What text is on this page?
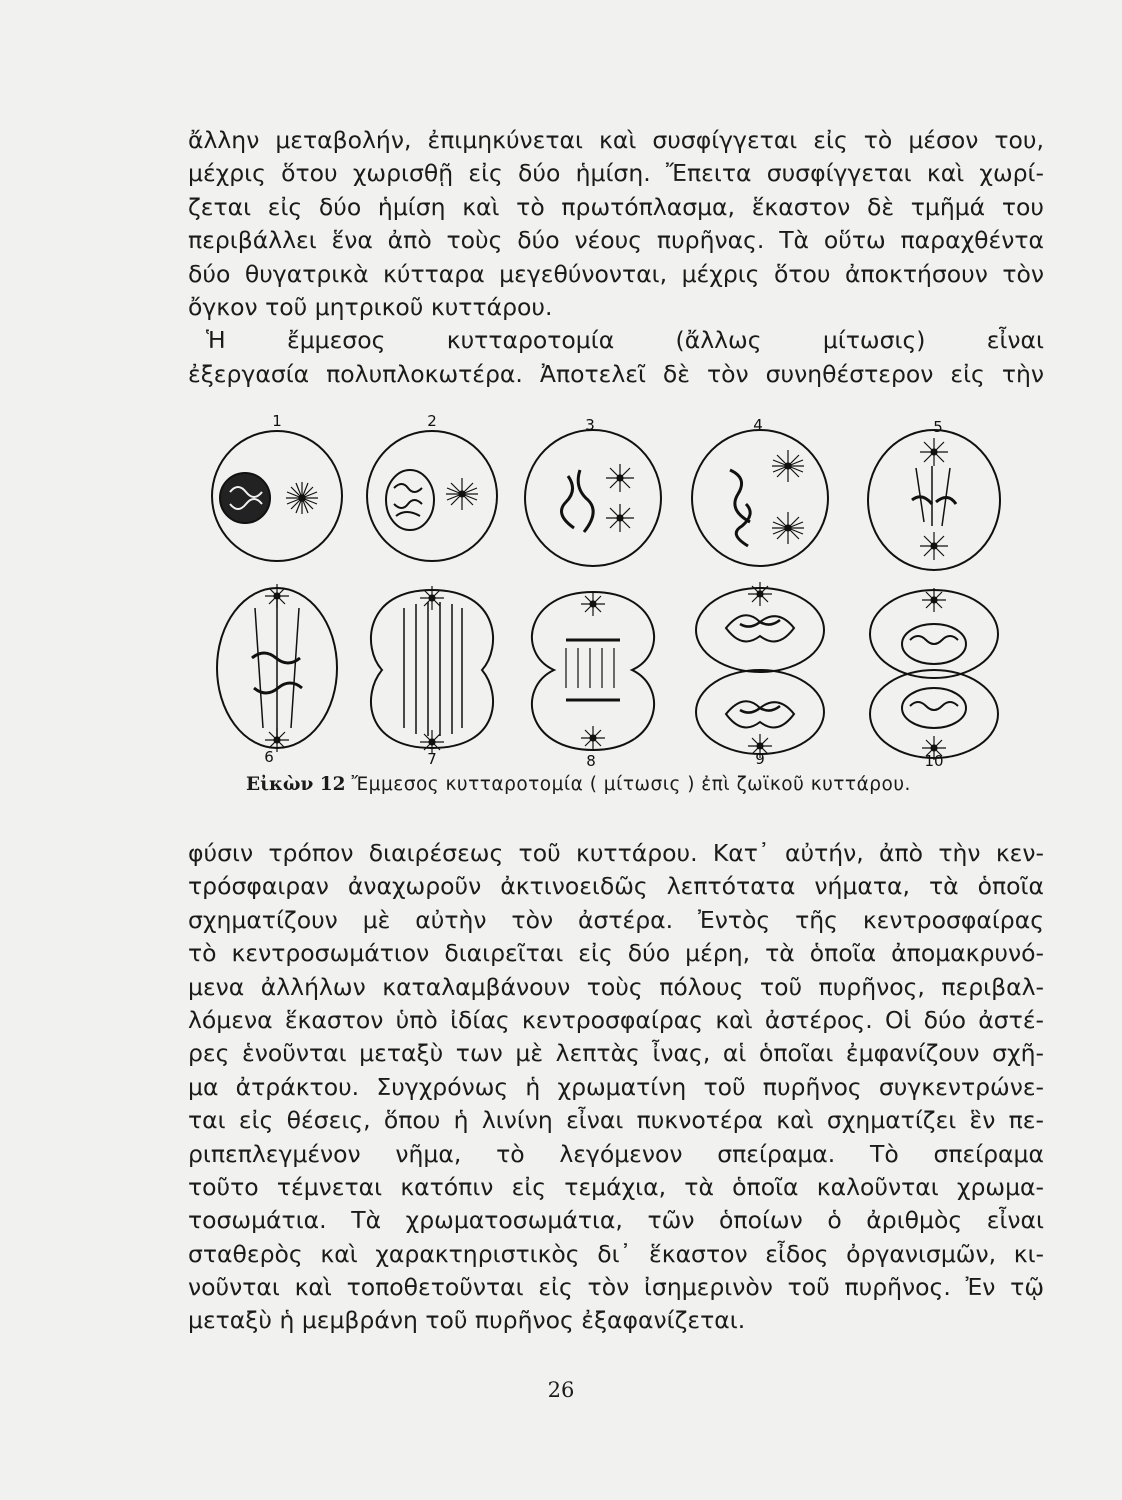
ἄλλην μεταβολήν, ἐπιμηκύνεται καὶ συσφίγγεται εἰς τὸ μέσον του,
μέχρις ὅτου χωρισθῇ εἰς δύο ἡμίση. Ἔπειτα συσφίγγεται καὶ χωρί-
ζεται εἰς δύο ἡμίση καὶ τὸ πρωτόπλασμα, ἕκαστον δὲ τμῆμά του
περιβάλλει ἕνα ἀπὸ τοὺς δύο νέους πυρῆνας. Τὰ οὕτω παραχθέντα
δύο θυγατρικὰ κύτταρα μεγεθύνονται, μέχρις ὅτου ἀποκτήσουν τὸν
ὄγκον τοῦ μητρικοῦ κυττάρου.
Ἡ ἔμμεσος κυτταροτομία (ἄλλως μίτωσις) εἶναι
ἐξεργασία πολυπλοκωτέρα. Ἀποτελεῖ δὲ τὸν συνηθέστερον εἰς τὴν
1	2	3	4	5
6	7	8	9	10
Εἰκὼν 12 Ἔμμεσος κυτταροτομία ( μίτωσις ) ἐπὶ ζωϊκοῦ κυττάρου.
φύσιν τρόπον διαιρέσεως τοῦ κυττάρου. Κατ᾽ αὐτήν, ἀπὸ τὴν κεν-
τρόσφαιραν ἀναχωροῦν ἀκτινοειδῶς λεπτότατα νήματα, τὰ ὁποῖα
σχηματίζουν μὲ αὐτὴν τὸν ἀστέρα. Ἐντὸς τῆς κεντροσφαίρας
τὸ κεντροσωμάτιον διαιρεῖται εἰς δύο μέρη, τὰ ὁποῖα ἀπομακρυνό-
μενα ἀλλήλων καταλαμβάνουν τοὺς πόλους τοῦ πυρῆνος, περιβαλ-
λόμενα ἕκαστον ὑπὸ ἰδίας κεντροσφαίρας καὶ ἀστέρος. Οἱ δύο ἀστέ-
ρες ἑνοῦνται μεταξὺ των μὲ λεπτὰς ἶνας, αἱ ὁποῖαι ἐμφανίζουν σχῆ-
μα ἀτράκτου. Συγχρόνως ἡ χρωματίνη τοῦ πυρῆνος συγκεντρώνε-
ται εἰς θέσεις, ὅπου ἡ λινίνη εἶναι πυκνοτέρα καὶ σχηματίζει ἓν πε-
ριπεπλεγμένον νῆμα, τὸ λεγόμενον σπείραμα. Τὸ σπείραμα
τοῦτο τέμνεται κατόπιν εἰς τεμάχια, τὰ ὁποῖα καλοῦνται χρωμα-
τοσωμάτια. Τὰ χρωματοσωμάτια, τῶν ὁποίων ὁ ἀριθμὸς εἶναι
σταθερὸς καὶ χαρακτηριστικὸς δι᾽ ἕκαστον εἶδος ὀργανισμῶν, κι-
νοῦνται καὶ τοποθετοῦνται εἰς τὸν ἰσημερινὸν τοῦ πυρῆνος. Ἐν τῷ
μεταξὺ ἡ μεμβράνη τοῦ πυρῆνος ἐξαφανίζεται.
26
